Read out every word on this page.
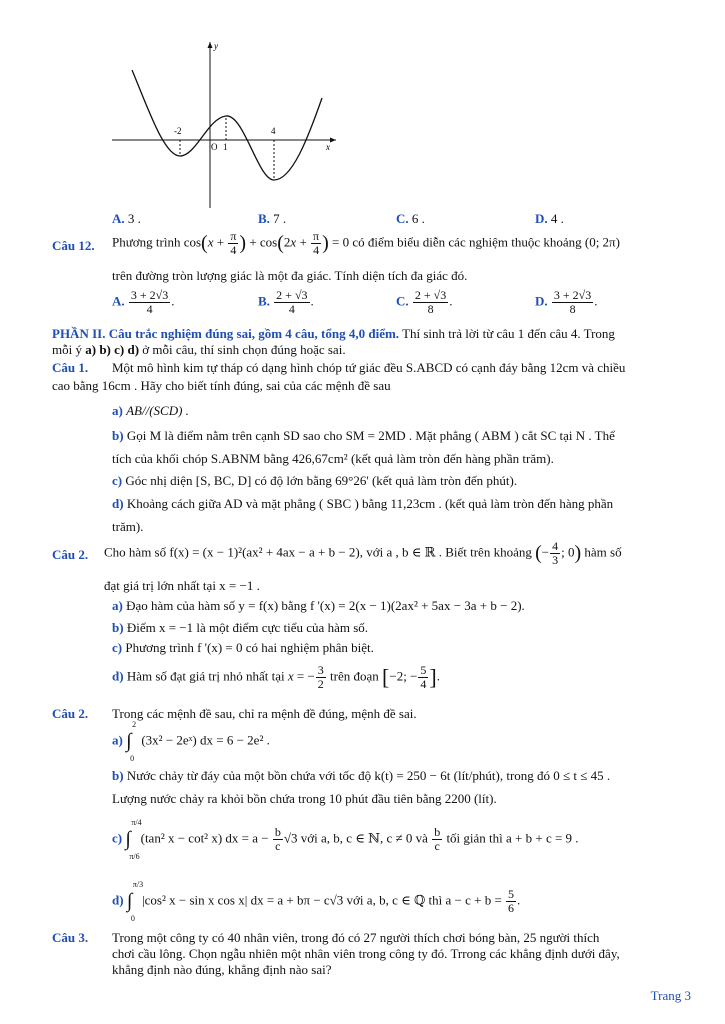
y
x
-2
O 1
4
A. 3 .	B. 7 .	C. 6 .	D. 4 .
Câu 12. Phương trình $\cos(x + \frac{\pi}{4}$ ) + $\cos(2x + \frac{\pi}{4}$ ) = 0 có điểm biểu diễn các nghiệm thuộc khoảng (0; 2π)
trên đường tròn lượng giác là một đa giác. Tính diện tích đa giác đó.
A. $\frac{3 + 2√3}{4}$ .	B. $\frac{2 + √3}{4}$ .	C. $\frac{2 + √3}{8}$ .	D. $\frac{3 + 2√3}{8}$ .
PHẦN II. Câu trắc nghiệm đúng sai, gồm 4 câu, tổng 4,0 điểm. Thí sinh trả lời từ câu 1 đến câu 4. Trong
mỗi ý a) b) c) d) ở mỗi câu, thí sinh chọn đúng hoặc sai.
Câu 1. Một mô hình kim tự tháp có dạng hình chóp tứ giác đều S.ABCD có cạnh đáy bằng 12cm và chiều
cao bằng 16cm . Hãy cho biết tính đúng, sai của các mệnh đề sau
a) AB//(SCD) .
b) Gọi M là điểm nằm trên cạnh SD sao cho SM = 2MD . Mặt phẳng ( ABM ) cắt SC tại N . Thể
tích của khối chóp S.ABNM bằng 426,67cm² (kết quả làm tròn đến hàng phần trăm).
c) Góc nhị diện [S, BC, D] có độ lớn bằng 69°26' (kết quả làm tròn đến phút).
d) Khoảng cách giữa AD và mặt phẳng ( SBC ) bằng 11,23cm . (kết quả làm tròn đến hàng phần
trăm).
Câu 2. Cho hàm số f(x) = (x − 1)²(ax² + 4ax − a + b − 2), với a , b ∈ ℝ . Biết trên khoảng (− $\frac{4}{3}$ ; 0) hàm số
đạt giá trị lớn nhất tại x = −1 .
a) Đạo hàm của hàm số y = f(x) bằng f '(x) = 2(x − 1)(2ax² + 5ax − 3a + b − 2).
b) Điểm x = −1 là một điểm cực tiểu của hàm số.
c) Phương trình f '(x) = 0 có hai nghiệm phân biệt.
d) Hàm số đạt giá trị nhỏ nhất tại x = − $\frac{3}{2}$ trên đoạn [−2; − $\frac{5}{4}$ ].
Câu 2. Trong các mệnh đề sau, chỉ ra mệnh đề đúng, mệnh đề sai.
a) ∫
2
0
(3x² − 2eˣ) dx = 6 − 2e² .
b) Nước chảy từ đáy của một bồn chứa với tốc độ k(t) = 250 − 6t (lít/phút), trong đó 0 ≤ t ≤ 45 .
Lượng nước chảy ra khỏi bồn chứa trong 10 phút đầu tiên bằng 2200 (lít).
c) ∫
π/4
π/6
(tan² x − cot² x) dx = $a - \frac{b}{c} √3$ với a, b, c ∈ ℕ, c ≠ 0 và $\frac{b}{c}$ tối giản thì a + b + c = 9 .
d) ∫
π/3
0
|cos² x − sin x cos x| dx = a + bπ − c√3 với a, b, c ∈ ℚ thì $a - c + b = \frac{5}{6}$ .
Câu 3. Trong một công ty có 40 nhân viên, trong đó có 27 người thích chơi bóng bàn, 25 người thích
chơi cầu lông. Chọn ngẫu nhiên một nhân viên trong công ty đó. Trrong các khẳng định dưới đây,
khẳng định nào đúng, khẳng định nào sai?
Trang 3
